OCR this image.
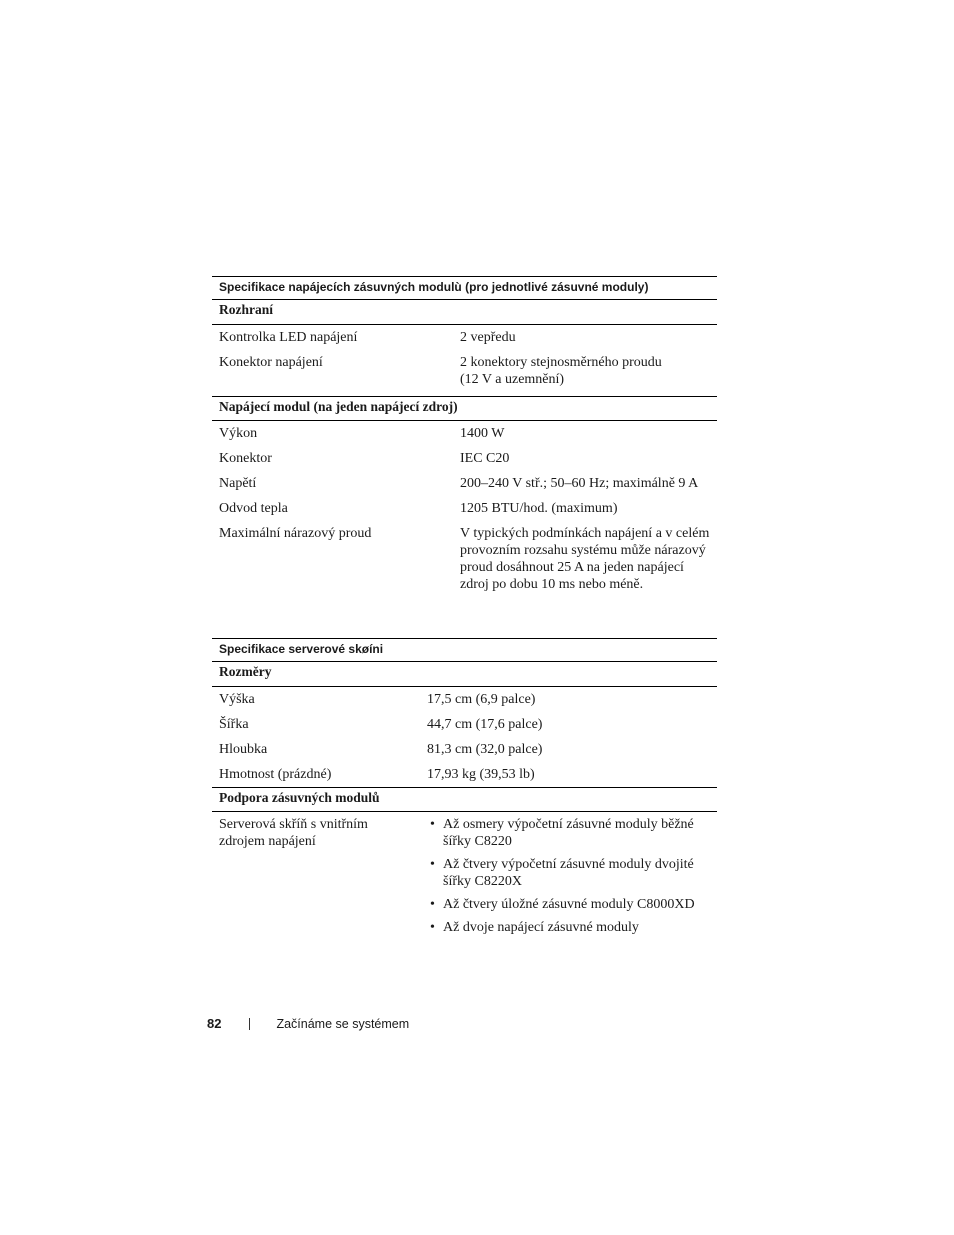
Specifikace napájecích zásuvných modulù (pro jednotlivé zásuvné moduly)
Rozhraní
Kontrolka LED napájení	2 vepředu
Konektor napájení	2 konektory stejnosměrného proudu (12 V a uzemnění)
Napájecí modul (na jeden napájecí zdroj)
Výkon	1400 W
Konektor	IEC C20
Napětí	200–240 V stř.; 50–60 Hz; maximálně 9 A
Odvod tepla	1205 BTU/hod. (maximum)
Maximální nárazový proud	V typických podmínkách napájení a v celém provozním rozsahu systému může nárazový proud dosáhnout 25 A na jeden napájecí zdroj po dobu 10 ms nebo méně.
Specifikace serverové skøíni
Rozměry
Výška	17,5 cm (6,9 palce)
Šířka	44,7 cm (17,6 palce)
Hloubka	81,3 cm (32,0 palce)
Hmotnost (prázdné)	17,93 kg (39,53 lb)
Podpora zásuvných modulů
Serverová skříň s vnitřním zdrojem napájení
• Až osmery výpočetní zásuvné moduly běžné šířky C8220
• Až čtvery výpočetní zásuvné moduly dvojité šířky C8220X
• Až čtvery úložné zásuvné moduly C8000XD
• Až dvoje napájecí zásuvné moduly
82	Začínáme se systémem
